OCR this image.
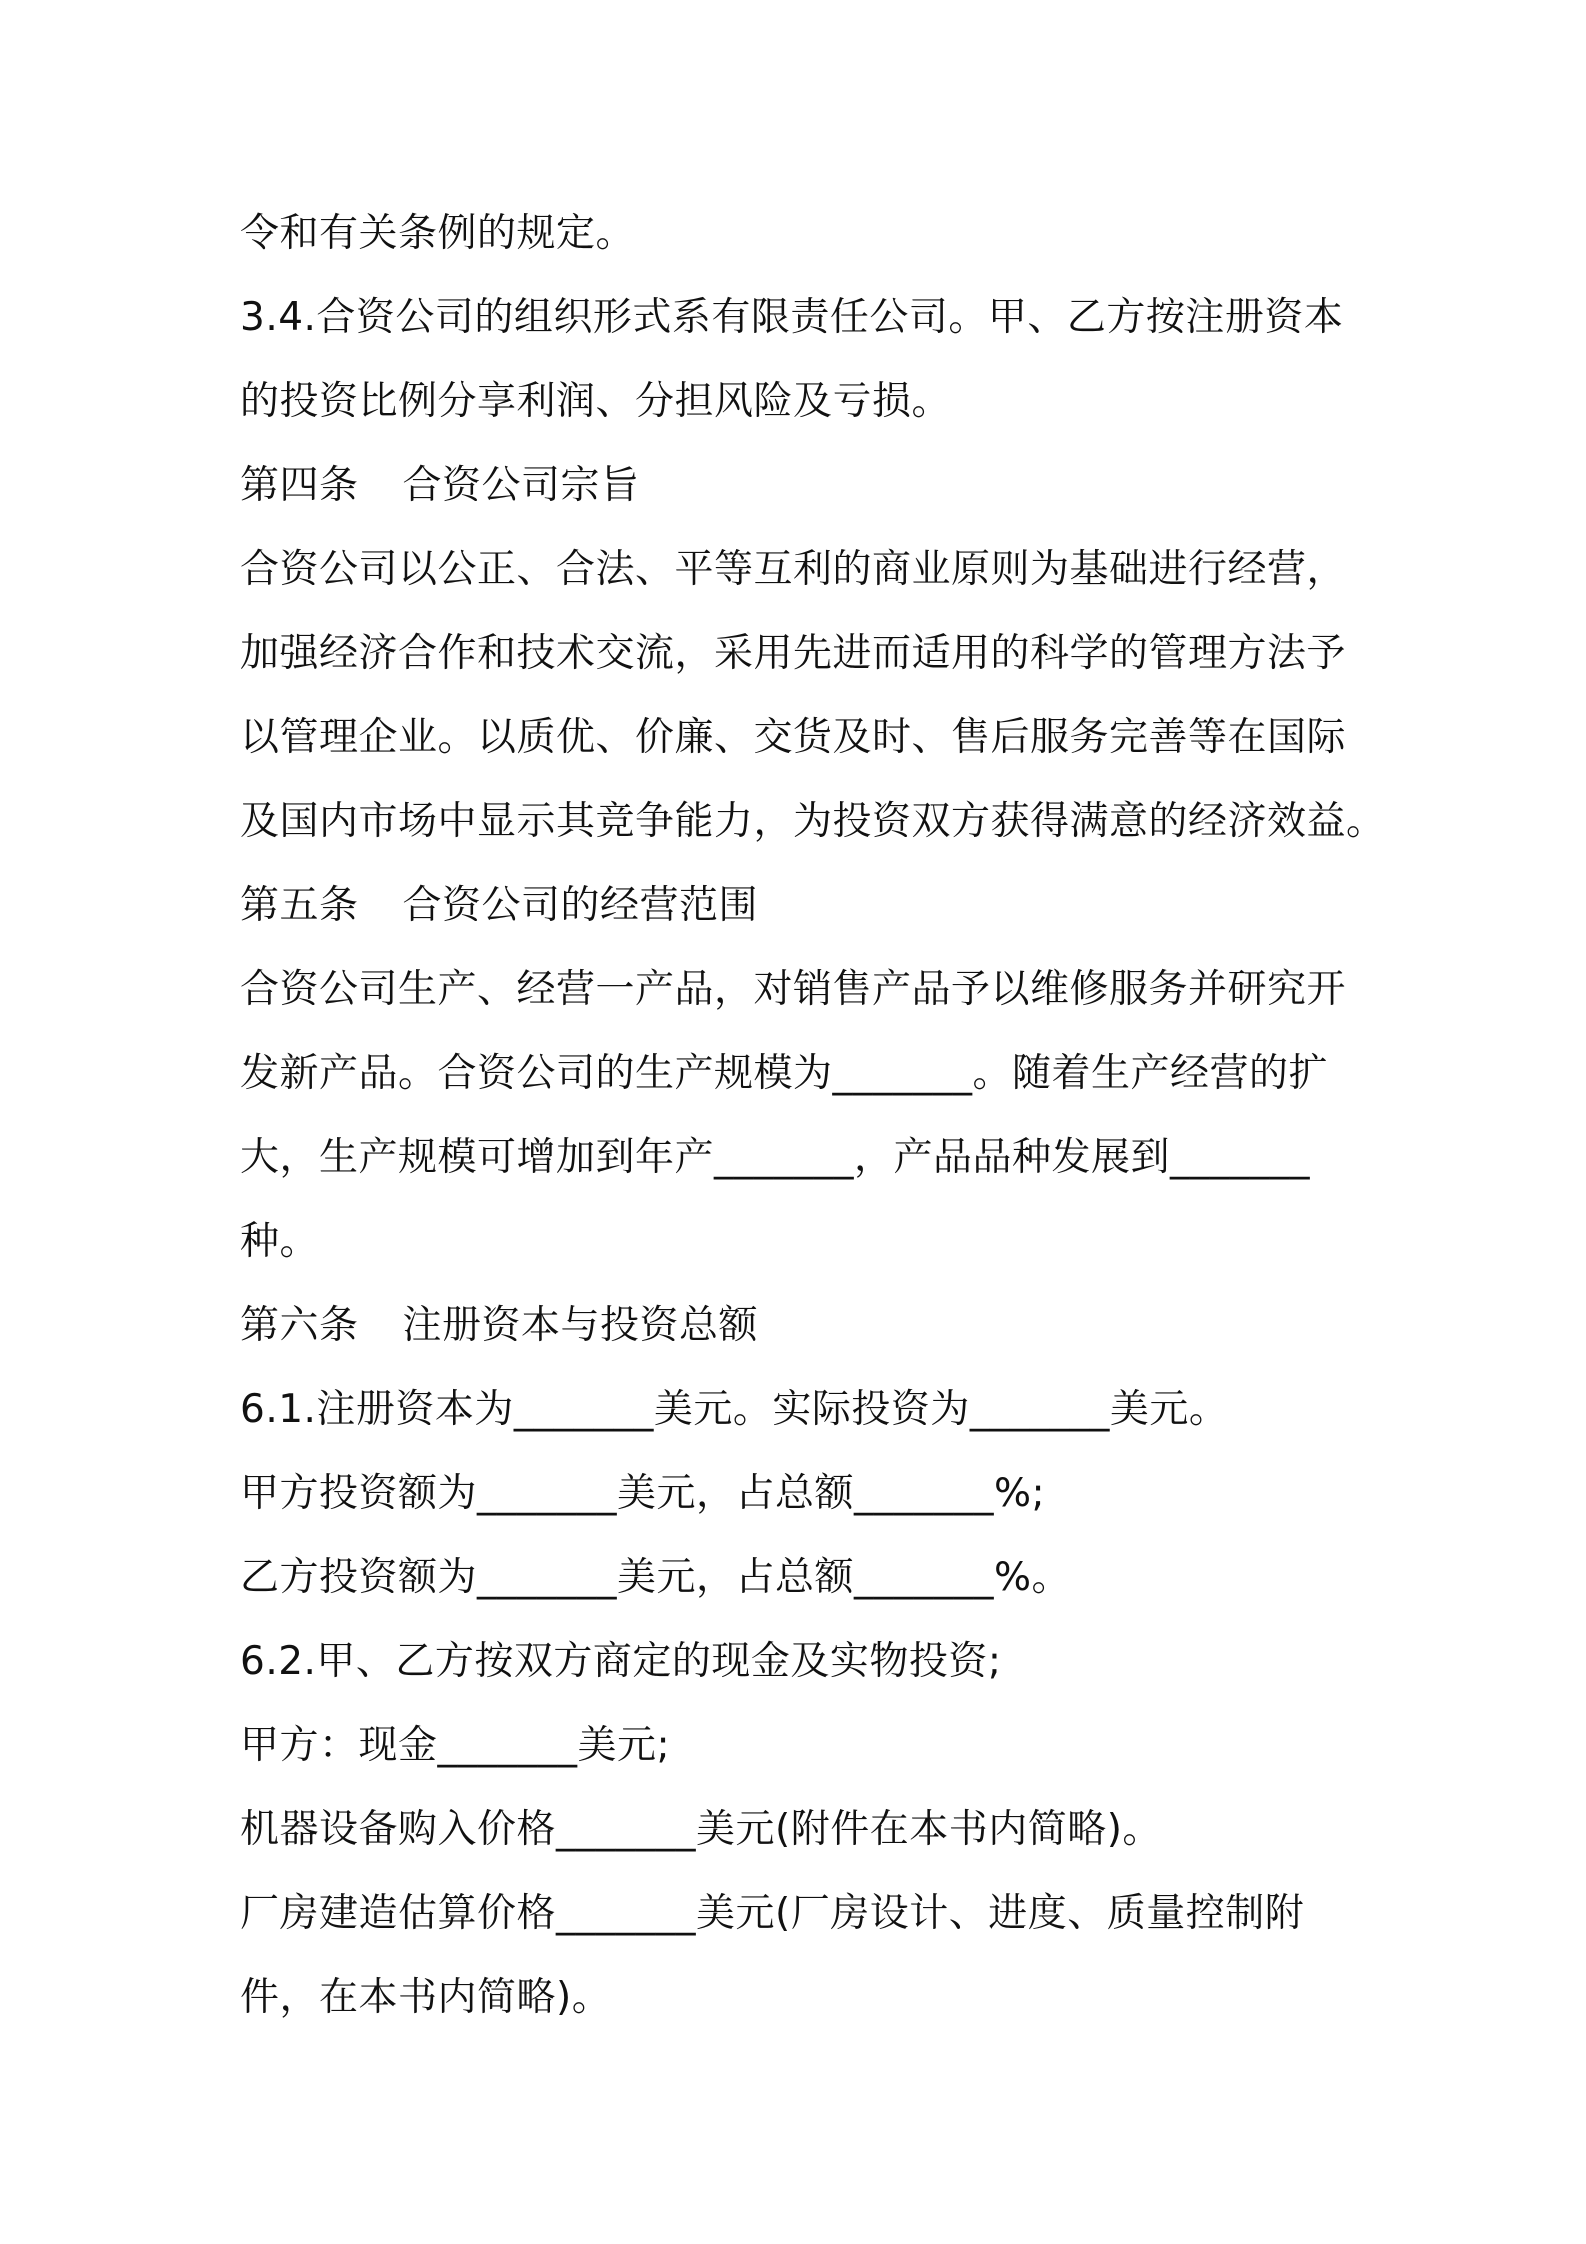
令和有关条例的规定。
3.4.合资公司的组织形式系有限责任公司。甲、乙方按注册资本
的投资比例分享利润、分担风险及亏损。
第四条 合资公司宗旨
合资公司以公正、合法、平等互利的商业原则为基础进行经营，
加强经济合作和技术交流，采用先进而适用的科学的管理方法予
以管理企业。以质优、价廉、交货及时、售后服务完善等在国际
及国内市场中显示其竞争能力，为投资双方获得满意的经济效益。
第五条 合资公司的经营范围
合资公司生产、经营一产品，对销售产品予以维修服务并研究开
发新产品。合资公司的生产规模为_______。随着生产经营的扩
大，生产规模可增加到年产_______，产品品种发展到_______
种。
第六条 注册资本与投资总额
6.1.注册资本为_______美元。实际投资为_______美元。
甲方投资额为_______美元，占总额_______%;
乙方投资额为_______美元，占总额_______%。
6.2.甲、乙方按双方商定的现金及实物投资;
甲方：现金_______美元;
机器设备购入价格_______美元(附件在本书内简略)。
厂房建造估算价格_______美元(厂房设计、进度、质量控制附
件，在本书内简略)。
